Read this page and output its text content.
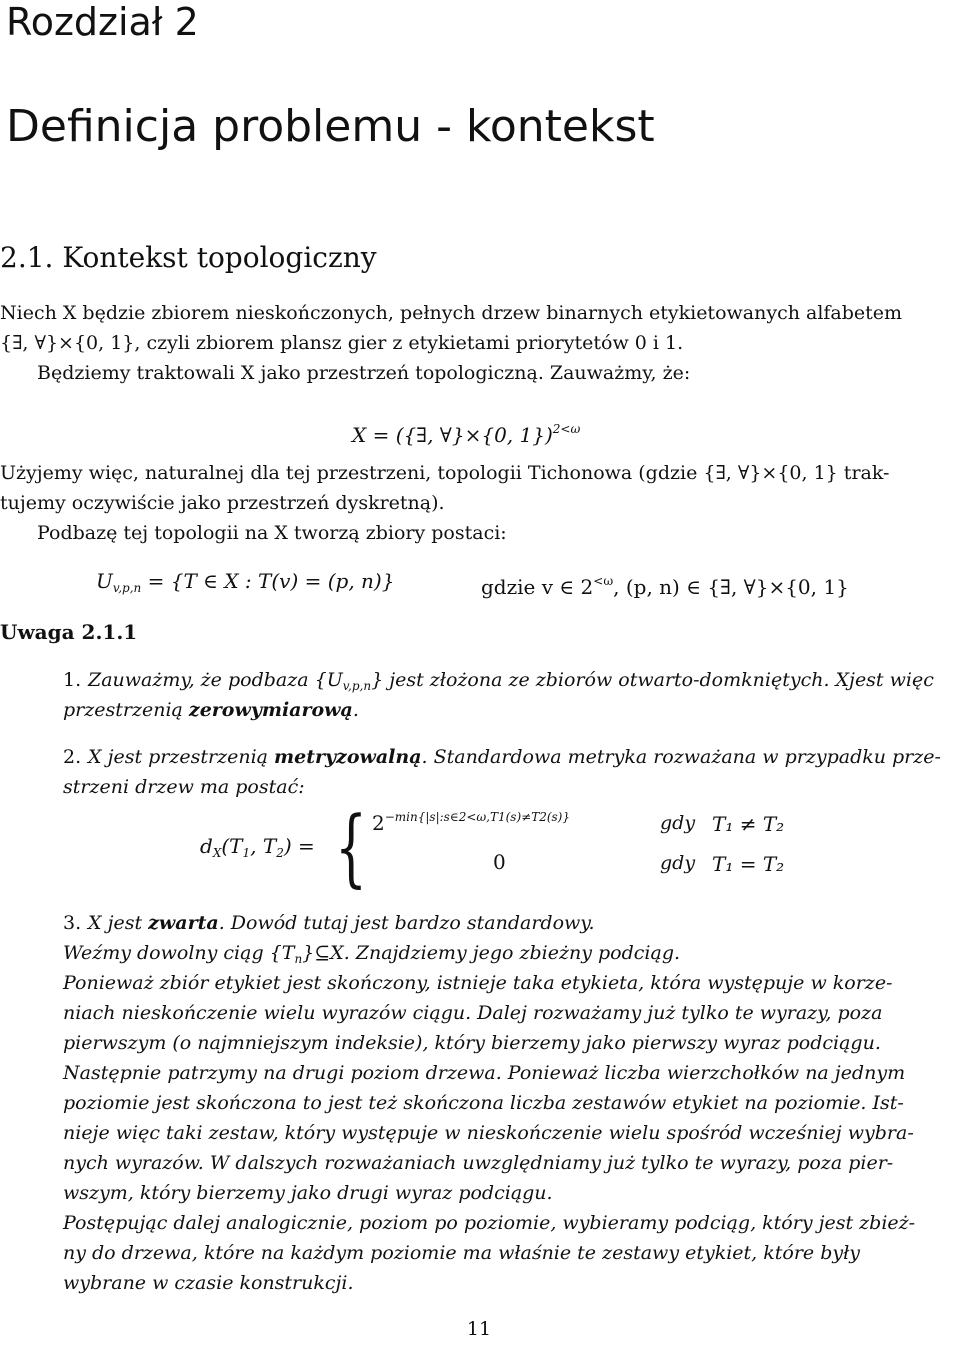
Rozdział 2
Definicja problemu - kontekst
2.1. Kontekst topologiczny

Niech X będzie zbiorem nieskończonych, pełnych drzew binarnych etykietowanych alfabetem

{∃, ∀}×{0, 1}, czyli zbiorem plansz gier z etykietami priorytetów 0 i 1.

Będziemy traktowali X jako przestrzeń topologiczną. Zauważmy, że:

X = ({∃, ∀}×{0, 1})$^{2<\omega}$

Użyjemy więc, naturalnej dla tej przestrzeni, topologii Tichonowa (gdzie {∃, ∀}×{0, 1} trak-

tujemy oczywiście jako przestrzeń dyskretną).

Podbazę tej topologii na X tworzą zbiory postaci:

$U_{v,p,n} = \{T$ ∈ X : T(v) = (p, n)}	gdzie v ∈ $2^{<\omega}$, (p, n) ∈ {∃, ∀}×{0, 1}
Uwaga 2.1.1
1. Zauważmy, że podbaza $\{U_{v,p,n}\}$ jest złożona ze zbiorów otwarto-domkniętych. Xjest więc
przestrzenią zerowymiarową.
2. X jest przestrzenią metryzowalną. Standardowa metryka rozważana w przypadku prze-
strzeni drzew ma postać:
$d_X(T_1$, $T_2$) = { $2^{-min\{|s|:s\in 2<\omega,T1(s)\ne T2(s)\}}$
0
gdy T₁ ≠ T₂
gdy T₁ = T₂
3. X jest zwarta. Dowód tutaj jest bardzo standardowy.
Weźmy dowolny ciąg $\{T_n\}⊆X$. Znajdziemy jego zbieżny podciąg.
Ponieważ zbiór etykiet jest skończony, istnieje taka etykieta, która występuje w korze-
niach nieskończenie wielu wyrazów ciągu. Dalej rozważamy już tylko te wyrazy, poza
pierwszym (o najmniejszym indeksie), który bierzemy jako pierwszy wyraz podciągu.
Następnie patrzymy na drugi poziom drzewa. Ponieważ liczba wierzchołków na jednym
poziomie jest skończona to jest też skończona liczba zestawów etykiet na poziomie. Ist-
nieje więc taki zestaw, który występuje w nieskończenie wielu spośród wcześniej wybra-
nych wyrazów. W dalszych rozważaniach uwzględniamy już tylko te wyrazy, poza pier-
wszym, który bierzemy jako drugi wyraz podciągu.
Postępując dalej analogicznie, poziom po poziomie, wybieramy podciąg, który jest zbież-
ny do drzewa, które na każdym poziomie ma właśnie te zestawy etykiet, które były
wybrane w czasie konstrukcji.
11
